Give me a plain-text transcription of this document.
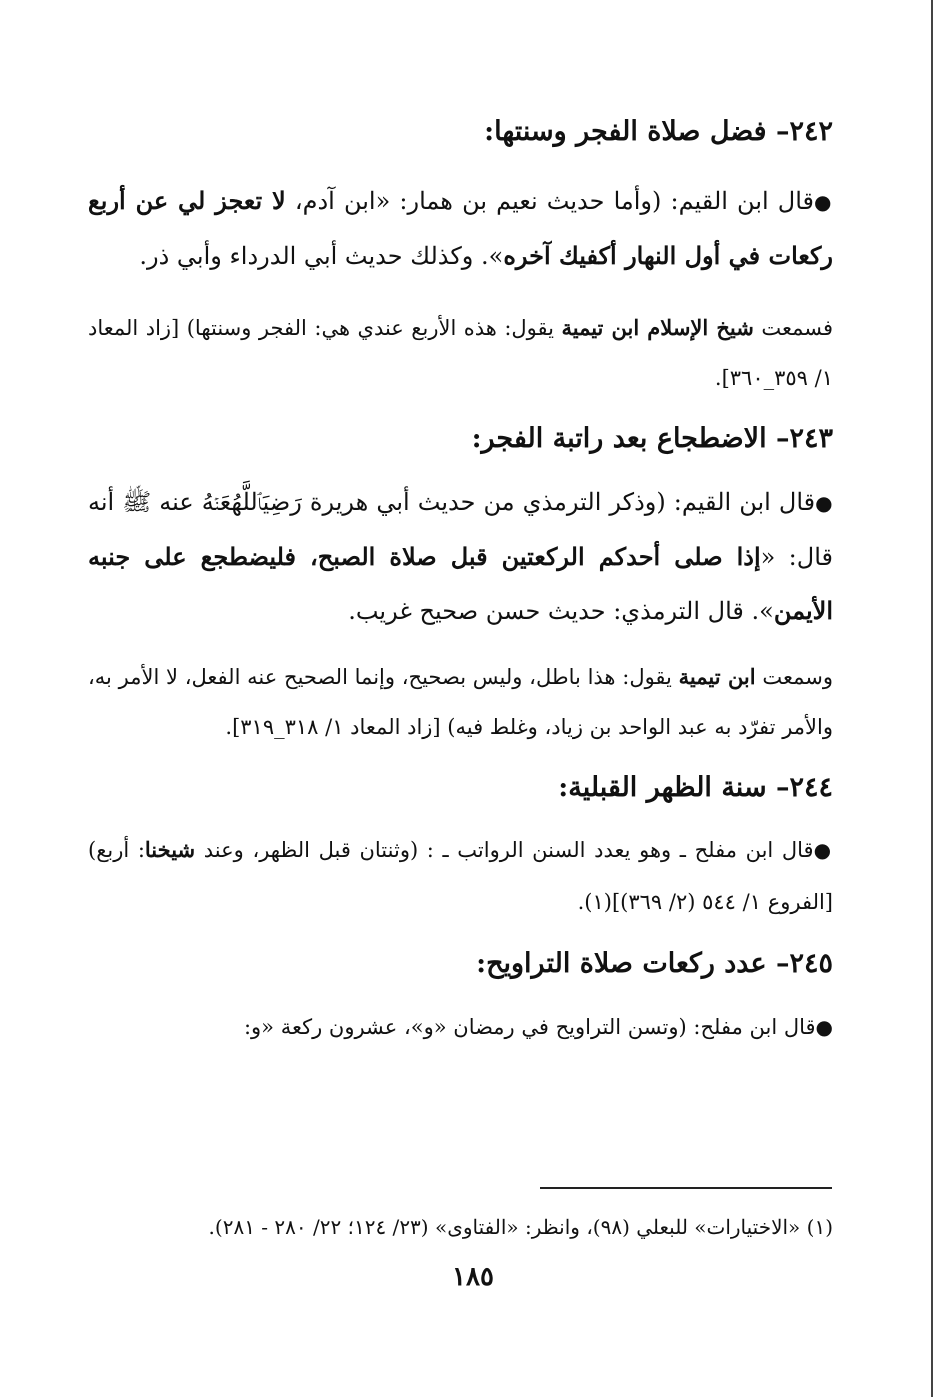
٢٤٢– فضل صلاة الفجر وسنتها:
●قال ابن القيم: (وأما حديث نعيم بن همار: «ابن آدم، لا تعجز لي عن أربع ركعات في أول النهار أكفيك آخره». وكذلك حديث أبي الدرداء وأبي ذر.
فسمعت شيخ الإسلام ابن تيمية يقول: هذه الأربع عندي هي: الفجر وسنتها) [زاد المعاد ١/ ٣٥٩_٣٦٠].
٢٤٣– الاضطجاع بعد راتبة الفجر:
●قال ابن القيم: (وذكر الترمذي من حديث أبي هريرة رَضِيَٱللَّهُعَنۡهُ عنه ﷺ أنه قال: «إذا صلى أحدكم الركعتين قبل صلاة الصبح، فليضطجع على جنبه الأيمن». قال الترمذي: حديث حسن صحيح غريب.
وسمعت ابن تيمية يقول: هذا باطل، وليس بصحيح، وإنما الصحيح عنه الفعل، لا الأمر به، والأمر تفرّد به عبد الواحد بن زياد، وغلط فيه) [زاد المعاد ١/ ٣١٨_٣١٩].
٢٤٤– سنة الظهر القبلية:
●قال ابن مفلح ـ وهو يعدد السنن الرواتب ـ : (وثنتان قبل الظهر، وعند شيخنا: أربع) [الفروع ١/ ٥٤٤ (٢/ ٣٦٩)](١).
٢٤٥– عدد ركعات صلاة التراويح:
●قال ابن مفلح: (وتسن التراويح في رمضان «و»، عشرون ركعة «و:
(١) «الاختيارات» للبعلي (٩٨)، وانظر: «الفتاوى» (٢٣/ ١٢٤؛ ٢٢/ ٢٨٠ - ٢٨١).
١٨٥
